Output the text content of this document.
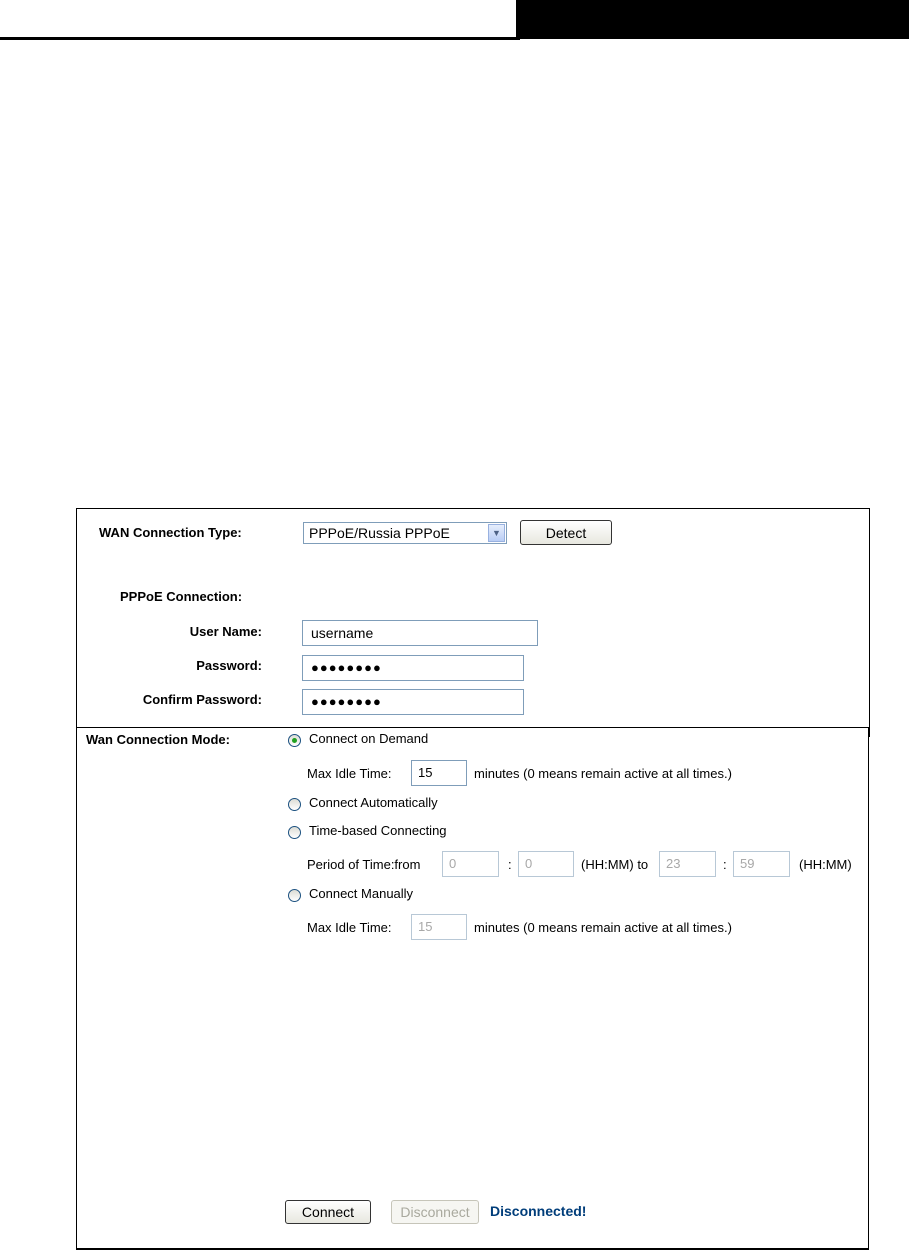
WAN Connection Type:	PPPoE/Russia PPPoE	▼	Detect
PPPoE Connection:
User Name:	username
Password:	●●●●●●●●
Confirm Password:	●●●●●●●●
Wan Connection Mode:	Connect on Demand
Max Idle Time:	15	minutes (0 means remain active at all times.)
Connect Automatically
Time-based Connecting
Period of Time:from	0	:	0	(HH:MM) to	23	:	59	(HH:MM)
Connect Manually
Max Idle Time:	15	minutes (0 means remain active at all times.)
Connect	Disconnect	Disconnected!
